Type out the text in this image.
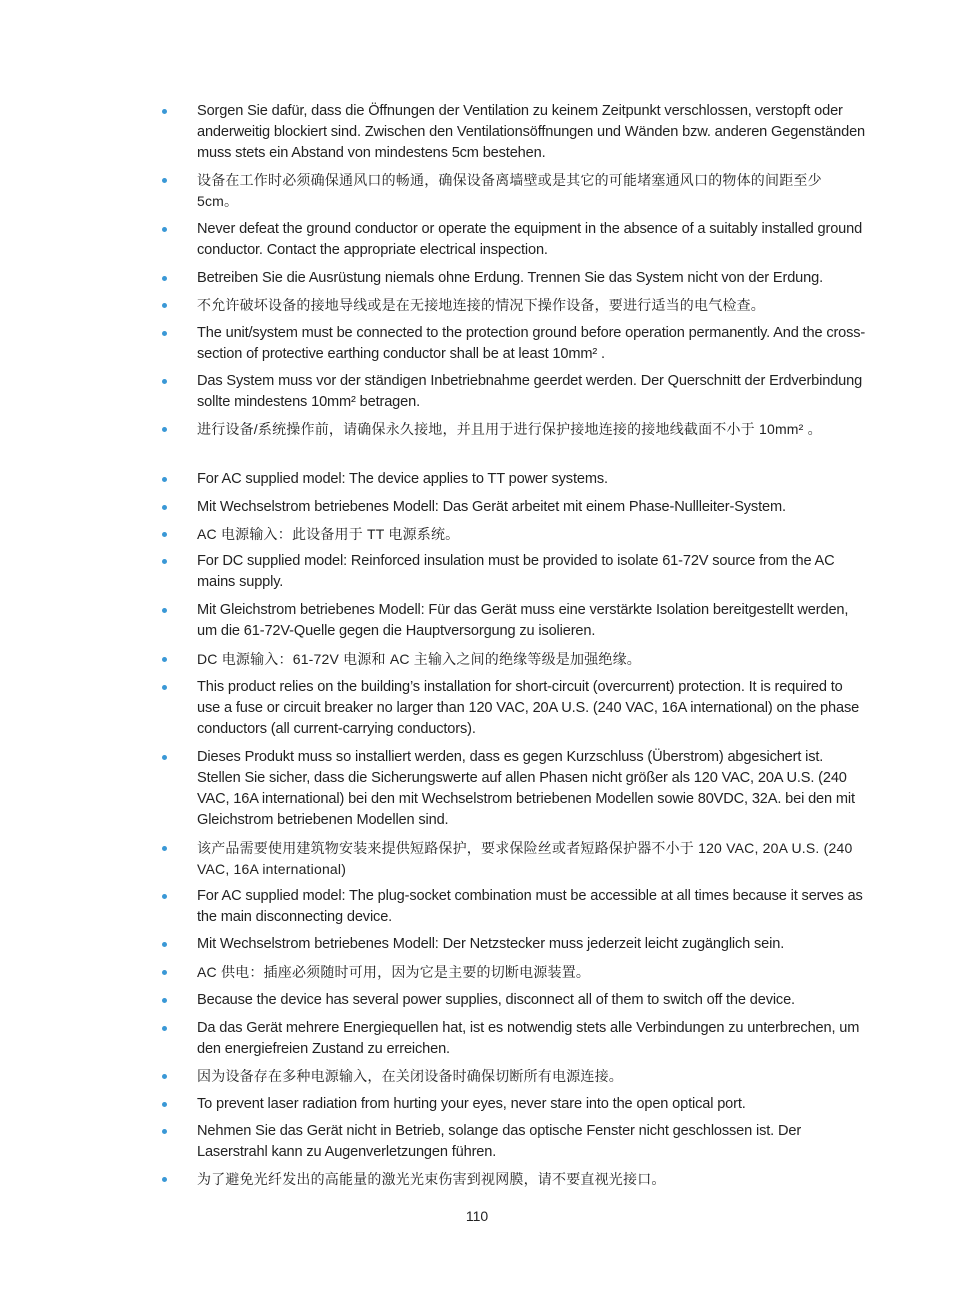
Sorgen Sie dafür, dass die Öffnungen der Ventilation zu keinem Zeitpunkt verschlossen, verstopft oder anderweitig blockiert sind. Zwischen den Ventilationsöffnungen und Wänden bzw. anderen Gegenständen muss stets ein Abstand von mindestens 5cm bestehen.
设备在工作时必须确保通风口的畅通，确保设备离墙壁或是其它的可能堵塞通风口的物体的间距至少 5cm。
Never defeat the ground conductor or operate the equipment in the absence of a suitably installed ground conductor. Contact the appropriate electrical inspection.
Betreiben Sie die Ausrüstung niemals ohne Erdung. Trennen Sie das System nicht von der Erdung.
不允许破坏设备的接地导线或是在无接地连接的情况下操作设备，要进行适当的电气检查。
The unit/system must be connected to the protection ground before operation permanently. And the cross-section of protective earthing conductor shall be at least 10mm² .
Das System muss vor der ständigen Inbetriebnahme geerdet werden. Der Querschnitt der Erdverbindung sollte mindestens 10mm² betragen.
进行设备/系统操作前，请确保永久接地，并且用于进行保护接地连接的接地线截面不小于 10mm² 。
For AC supplied model: The device applies to TT power systems.
Mit Wechselstrom betriebenes Modell: Das Gerät arbeitet mit einem Phase-Nullleiter-System.
AC 电源输入：此设备用于 TT 电源系统。
For DC supplied model: Reinforced insulation must be provided to isolate 61-72V source from the AC mains supply.
Mit Gleichstrom betriebenes Modell: Für das Gerät muss eine verstärkte Isolation bereitgestellt werden, um die 61-72V-Quelle gegen die Hauptversorgung zu isolieren.
DC 电源输入：61-72V 电源和 AC 主输入之间的绝缘等级是加强绝缘。
This product relies on the building’s installation for short-circuit (overcurrent) protection. It is required to use a fuse or circuit breaker no larger than 120 VAC, 20A U.S. (240 VAC, 16A international) on the phase conductors (all current-carrying conductors).
Dieses Produkt muss so installiert werden, dass es gegen Kurzschluss (Überstrom) abgesichert ist. Stellen Sie sicher, dass die Sicherungswerte auf allen Phasen nicht größer als 120 VAC, 20A U.S. (240 VAC, 16A international) bei den mit Wechselstrom betriebenen Modellen sowie 80VDC, 32A. bei den mit Gleichstrom betriebenen Modellen sind.
该产品需要使用建筑物安装来提供短路保护，要求保险丝或者短路保护器不小于 120 VAC, 20A U.S. (240 VAC, 16A international)
For AC supplied model: The plug-socket combination must be accessible at all times because it serves as the main disconnecting device.
Mit Wechselstrom betriebenes Modell: Der Netzstecker muss jederzeit leicht zugänglich sein.
AC 供电：插座必须随时可用，因为它是主要的切断电源装置。
Because the device has several power supplies, disconnect all of them to switch off the device.
Da das Gerät mehrere Energiequellen hat, ist es notwendig stets alle Verbindungen zu unterbrechen, um den energiefreien Zustand zu erreichen.
因为设备存在多种电源输入，在关闭设备时确保切断所有电源连接。
To prevent laser radiation from hurting your eyes, never stare into the open optical port.
Nehmen Sie das Gerät nicht in Betrieb, solange das optische Fenster nicht geschlossen ist. Der Laserstrahl kann zu Augenverletzungen führen.
为了避免光纤发出的高能量的激光光束伤害到视网膜，请不要直视光接口。
110
